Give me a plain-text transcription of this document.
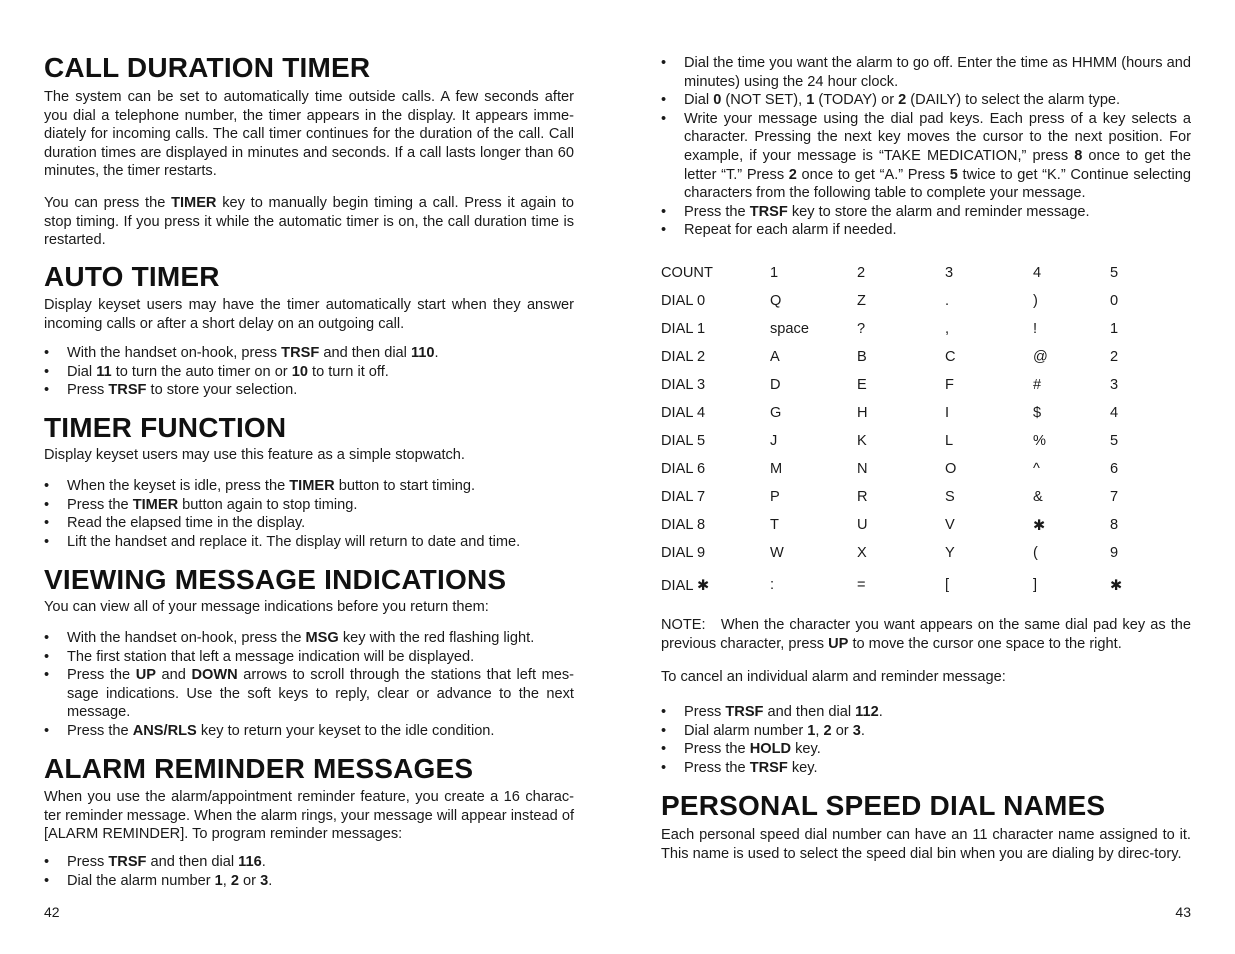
CALL DURATION TIMER

The system can be set to automatically time outside calls. A few seconds after you dial a telephone number, the timer appears in the display. It appears imme-diately for incoming calls. The call timer continues for the duration of the call. Call duration times are displayed in minutes and seconds. If a call lasts longer than 60 minutes, the timer restarts.

You can press the TIMER key to manually begin timing a call. Press it again to stop timing. If you press it while the automatic timer is on, the call duration time is restarted.

AUTO TIMER

Display keyset users may have the timer automatically start when they answer incoming calls or after a short delay on an outgoing call.

• With the handset on-hook, press TRSF and then dial 110.
• Dial 11 to turn the auto timer on or 10 to turn it off.
• Press TRSF to store your selection.
TIMER FUNCTION

Display keyset users may use this feature as a simple stopwatch.

• When the keyset is idle, press the TIMER button to start timing.
• Press the TIMER button again to stop timing.
• Read the elapsed time in the display.
• Lift the handset and replace it. The display will return to date and time.
VIEWING MESSAGE INDICATIONS

You can view all of your message indications before you return them:

• With the handset on-hook, press the MSG key with the red flashing light.
• The first station that left a message indication will be displayed.
• Press the UP and DOWN arrows to scroll through the stations that left mes-sage indications. Use the soft keys to reply, clear or advance to the next message.
• Press the ANS/RLS key to return your keyset to the idle condition.
ALARM REMINDER MESSAGES

When you use the alarm/appointment reminder feature, you create a 16 charac-ter reminder message. When the alarm rings, your message will appear instead of [ALARM REMINDER]. To program reminder messages:

• Press TRSF and then dial 116.
• Dial the alarm number 1, 2 or 3.
42
• Dial the time you want the alarm to go off. Enter the time as HHMM (hours and minutes) using the 24 hour clock.
• Dial 0 (NOT SET), 1 (TODAY) or 2 (DAILY) to select the alarm type.
• Write your message using the dial pad keys. Each press of a key selects a character. Pressing the next key moves the cursor to the next position. For example, if your message is “TAKE MEDICATION,” press 8 once to get the letter “T.” Press 2 once to get “A.” Press 5 twice to get “K.” Continue selecting characters from the following table to complete your message.
• Press the TRSF key to store the alarm and reminder message.
• Repeat for each alarm if needed.
COUNT	1	2	3	4	5
DIAL 0	Q	Z	.	)	0
DIAL 1	space	?	,	!	1
DIAL 2	A	B	C	@	2
DIAL 3	D	E	F	#	3
DIAL 4	G	H	I	$	4
DIAL 5	J	K	L	%	5
DIAL 6	M	N	O	^	6
DIAL 7	P	R	S	&	7
DIAL 8	T	U	V	✱	8
DIAL 9	W	X	Y	(	9
DIAL ✱	:	=	[	]	✱

NOTE:   When the character you want appears on the same dial pad key as the previous character, press UP to move the cursor one space to the right.

To cancel an individual alarm and reminder message:

• Press TRSF and then dial 112.
• Dial alarm number 1, 2 or 3.
• Press the HOLD key.
• Press the TRSF key.
PERSONAL SPEED DIAL NAMES

Each personal speed dial number can have an 11 character name assigned to it. This name is used to select the speed dial bin when you are dialing by direc-tory.

43
